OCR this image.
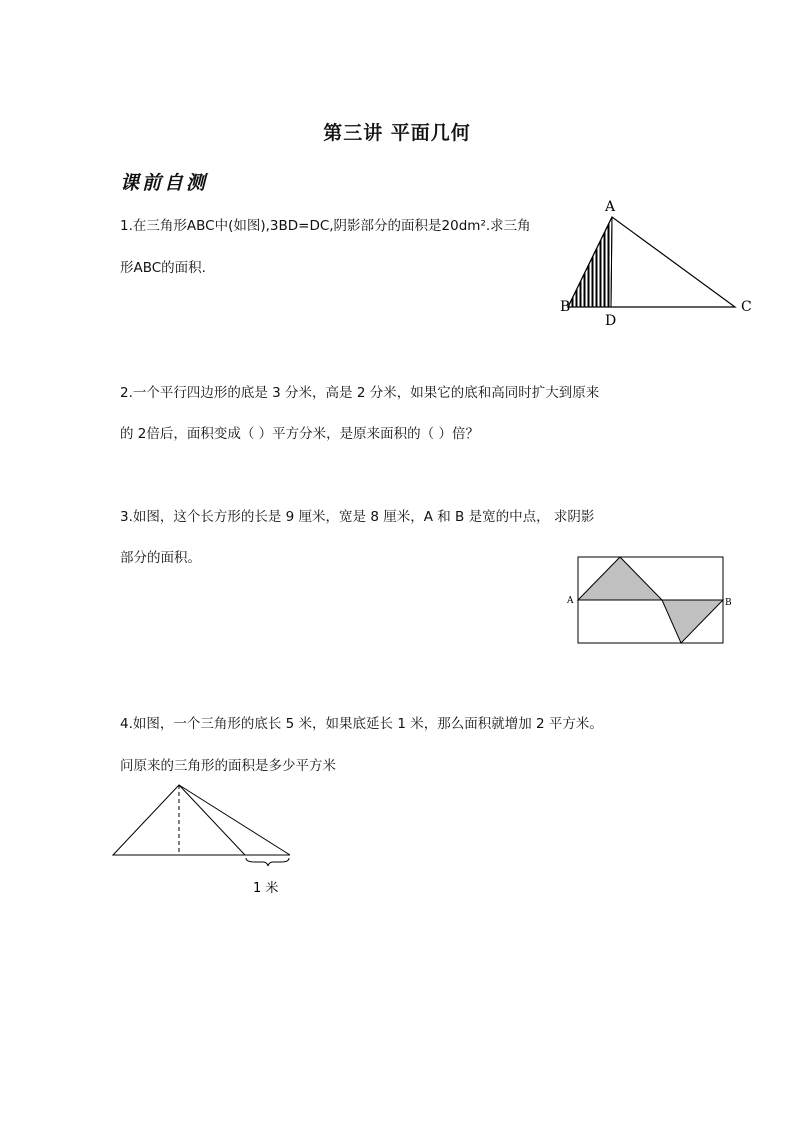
第三讲 平面几何
课前自测
1.在三角形ABC中(如图),3BD=DC,阴影部分的面积是20dm².求三角
形ABC的面积.
A
B	C
D
2.一个平行四边形的底是 3 分米，高是 2 分米，如果它的底和高同时扩大到原来
的 2倍后，面积变成（ ）平方分米，是原来面积的（ ）倍？
3.如图，这个长方形的长是 9 厘米，宽是 8 厘米，A 和 B 是宽的中点， 求阴影
部分的面积。
A	B
4.如图，一个三角形的底长 5 米，如果底延长 1 米，那么面积就增加 2 平方米。
问原来的三角形的面积是多少平方米
1 米
